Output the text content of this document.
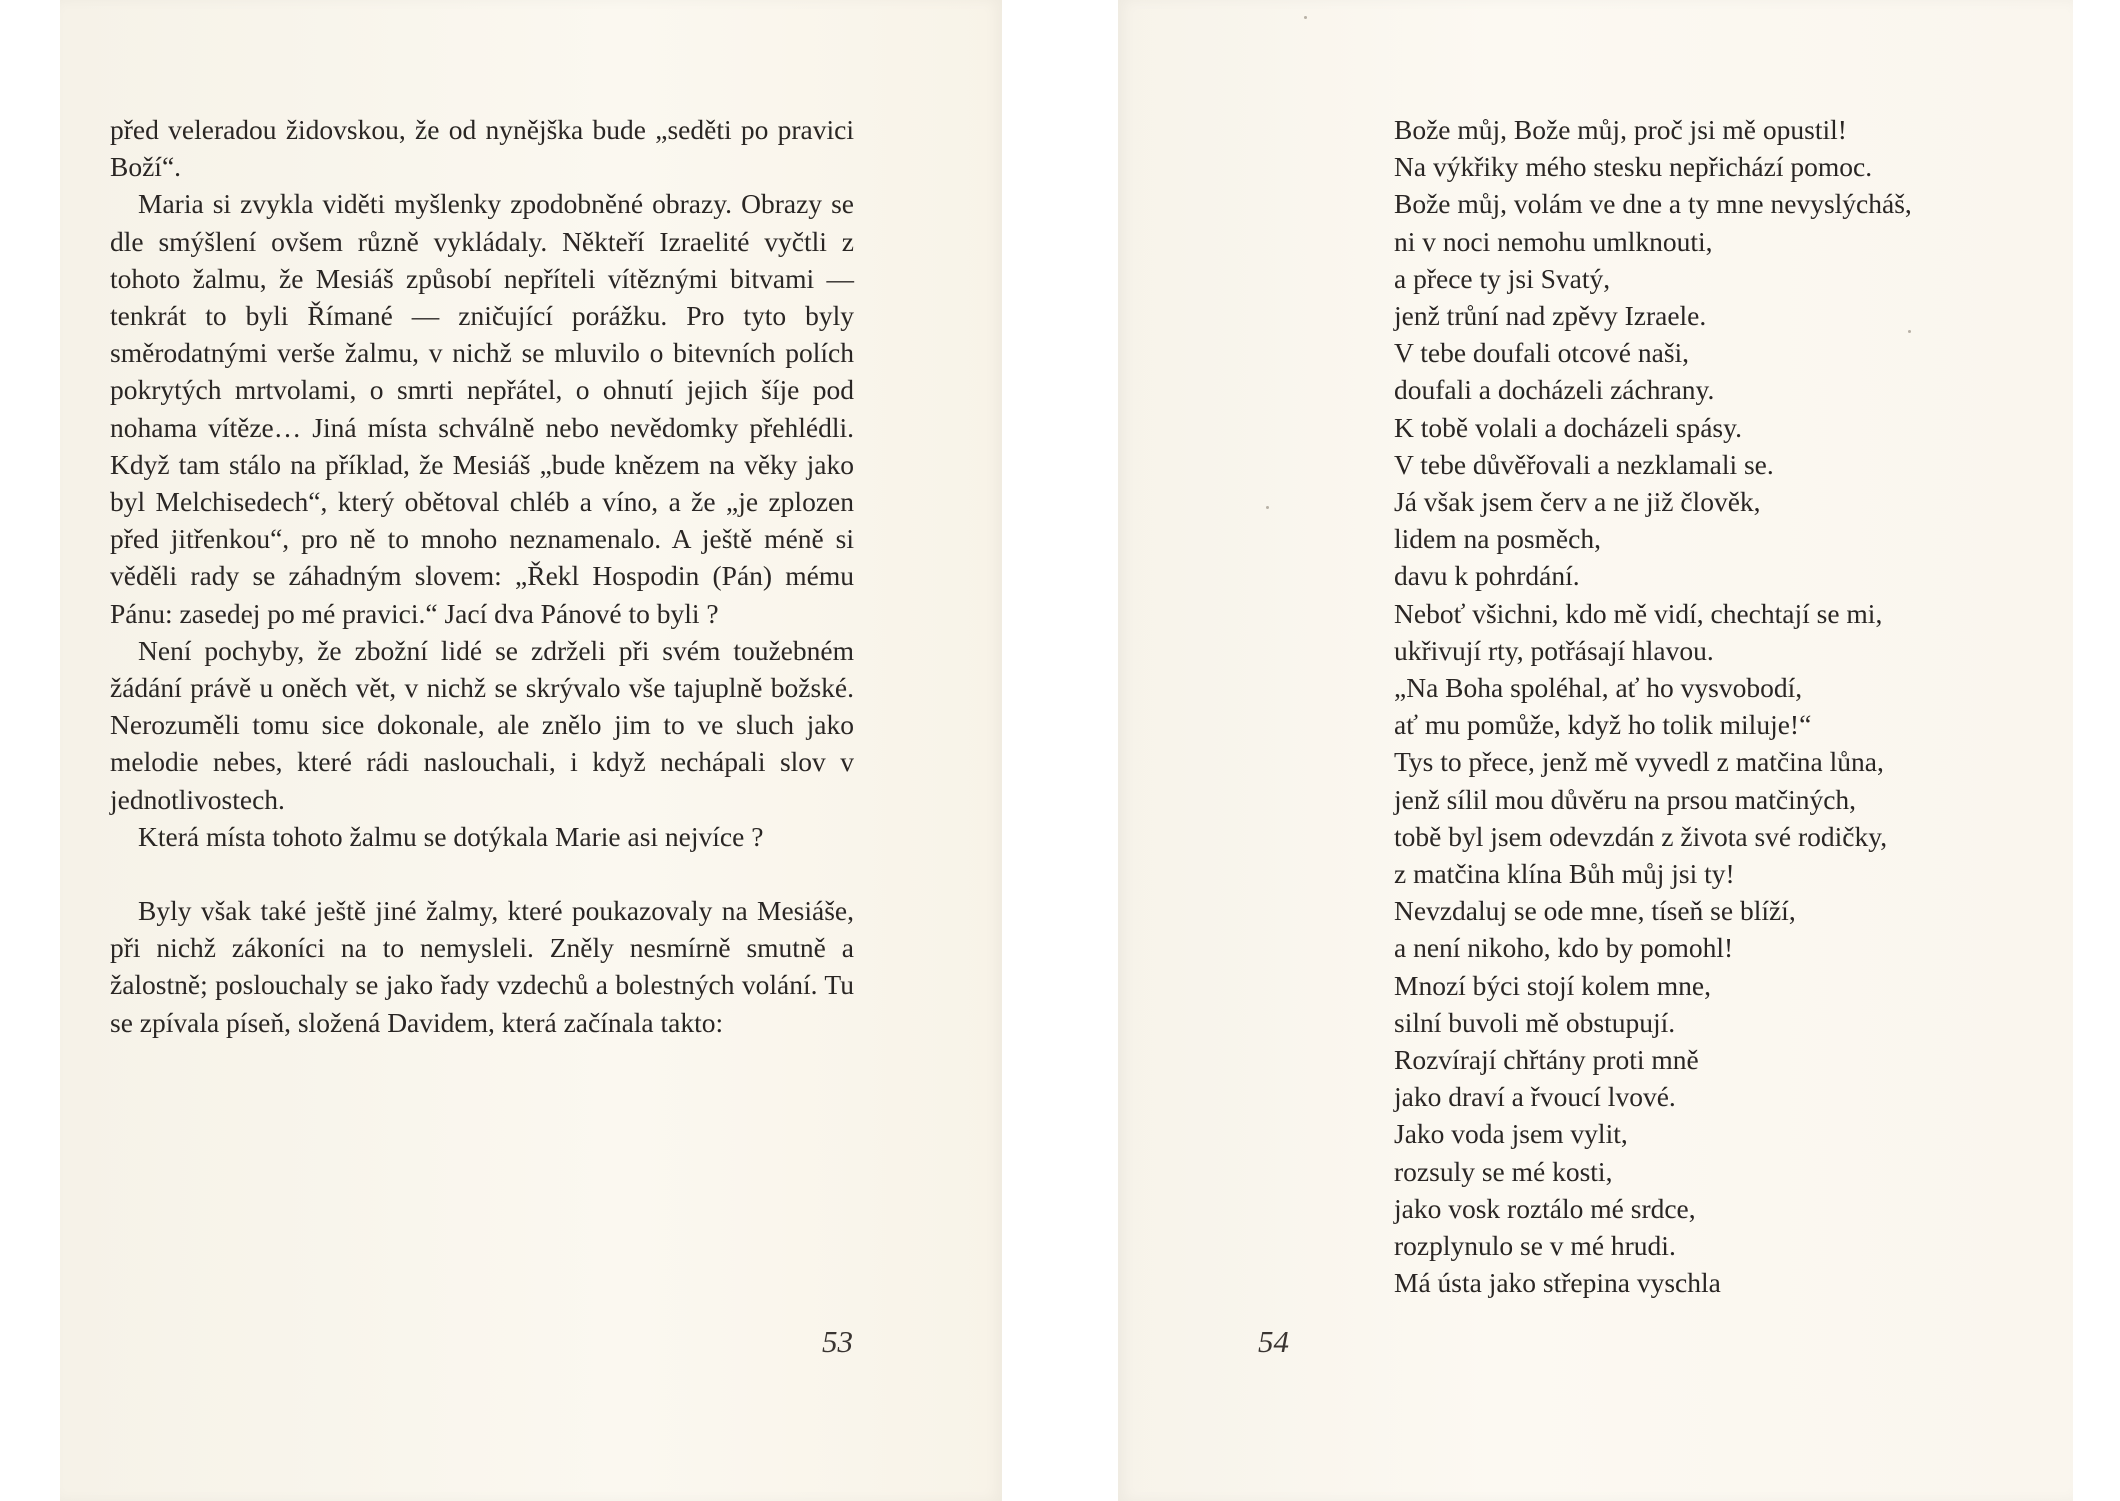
před veleradou židovskou, že od nynějška bude „seděti po pravici Boží“.

Maria si zvykla viděti myšlenky zpodobněné obrazy. Obrazy se dle smýšlení ovšem různě vykládaly. Někteří Izraelité vyčtli z tohoto žalmu, že Mesiáš způsobí nepříteli vítěznými bitvami — tenkrát to byli Římané — zničující porážku. Pro tyto byly směrodatnými verše žalmu, v nichž se mluvilo o bitevních polích pokrytých mrtvolami, o smrti nepřátel, o ohnutí jejich šíje pod nohama vítěze… Jiná místa schválně nebo nevědomky přehlédli. Když tam stálo na příklad, že Mesiáš „bude knězem na věky jako byl Melchisedech“, který obětoval chléb a víno, a že „je zplozen před jitřenkou“, pro ně to mnoho neznamenalo. A ještě méně si věděli rady se záhadným slovem: „Řekl Hospodin (Pán) mému Pánu: zasedej po mé pravici.“ Jací dva Pánové to byli ?

Není pochyby, že zbožní lidé se zdrželi při svém toužebném žádání právě u oněch vět, v nichž se skrývalo vše tajuplně božské. Nerozuměli tomu sice dokonale, ale znělo jim to ve sluch jako melodie nebes, které rádi naslouchali, i když nechápali slov v jednotlivostech.

Která místa tohoto žalmu se dotýkala Marie asi nejvíce ?

Byly však také ještě jiné žalmy, které poukazovaly na Mesiáše, při nichž zákoníci na to nemysleli. Zněly nesmírně smutně a žalostně; poslouchaly se jako řady vzdechů a bolestných volání. Tu se zpívala píseň, složená Davidem, která začínala takto:

53

Bože můj, Bože můj, proč jsi mě opustil!

Na výkřiky mého stesku nepřichází pomoc.

Bože můj, volám ve dne a ty mne nevyslýcháš,

ni v noci nemohu umlknouti,

a přece ty jsi Svatý,

jenž trůní nad zpěvy Izraele.

V tebe doufali otcové naši,

doufali a docházeli záchrany.

K tobě volali a docházeli spásy.

V tebe důvěřovali a nezklamali se.

Já však jsem červ a ne již člověk,

lidem na posměch,

davu k pohrdání.

Neboť všichni, kdo mě vidí, chechtají se mi,

ukřivují rty, potřásají hlavou.

„Na Boha spoléhal, ať ho vysvobodí,

ať mu pomůže, když ho tolik miluje!“

Tys to přece, jenž mě vyvedl z matčina lůna,

jenž sílil mou důvěru na prsou matčiných,

tobě byl jsem odevzdán z života své rodičky,

z matčina klína Bůh můj jsi ty!

Nevzdaluj se ode mne, tíseň se blíží,

a není nikoho, kdo by pomohl!

Mnozí býci stojí kolem mne,

silní buvoli mě obstupují.

Rozvírají chřtány proti mně

jako draví a řvoucí lvové.

Jako voda jsem vylit,

rozsuly se mé kosti,

jako vosk roztálo mé srdce,

rozplynulo se v mé hrudi.

Má ústa jako střepina vyschla

54
